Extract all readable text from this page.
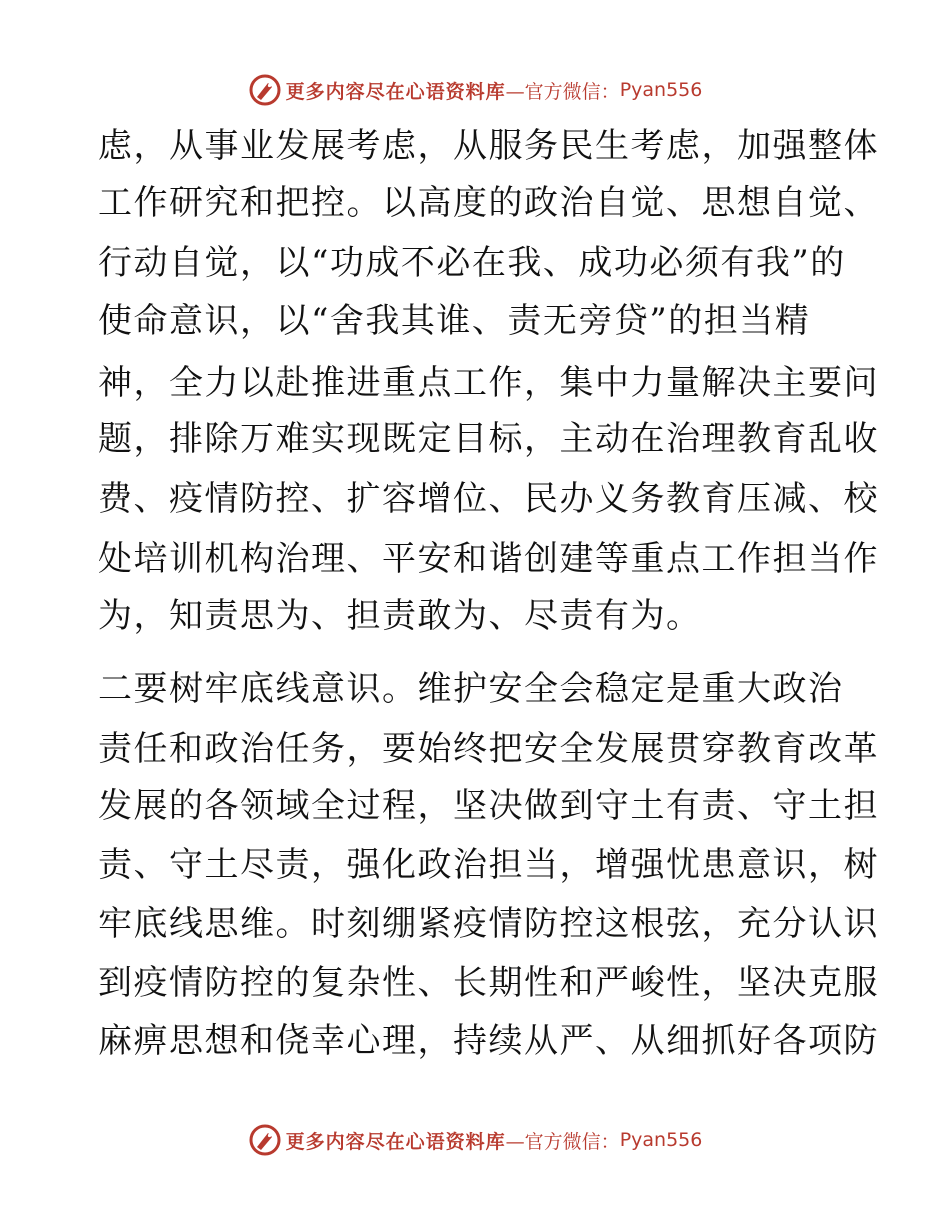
更多内容尽在心语资料库 —官方微信： Pyan556
虑，从事业发展考虑，从服务民生考虑，加强整体
工作研究和把控。以高度的政治自觉、思想自觉、
行动自觉，以“功成不必在我、成功必须有我”的
使命意识，以“舍我其谁、责无旁贷”的担当精
神，全力以赴推进重点工作，集中力量解决主要问
题，排除万难实现既定目标，主动在治理教育乱收
费、疫情防控、扩容增位、民办义务教育压减、校
处培训机构治理、平安和谐创建等重点工作担当作
为，知责思为、担责敢为、尽责有为。
二要树牢底线意识。维护安全会稳定是重大政治
责任和政治任务，要始终把安全发展贯穿教育改革
发展的各领域全过程，坚决做到守土有责、守土担
责、守土尽责，强化政治担当，增强忧患意识，树
牢底线思维。时刻绷紧疫情防控这根弦，充分认识
到疫情防控的复杂性、长期性和严峻性，坚决克服
麻痹思想和侥幸心理，持续从严、从细抓好各项防
更多内容尽在心语资料库 —官方微信： Pyan556
